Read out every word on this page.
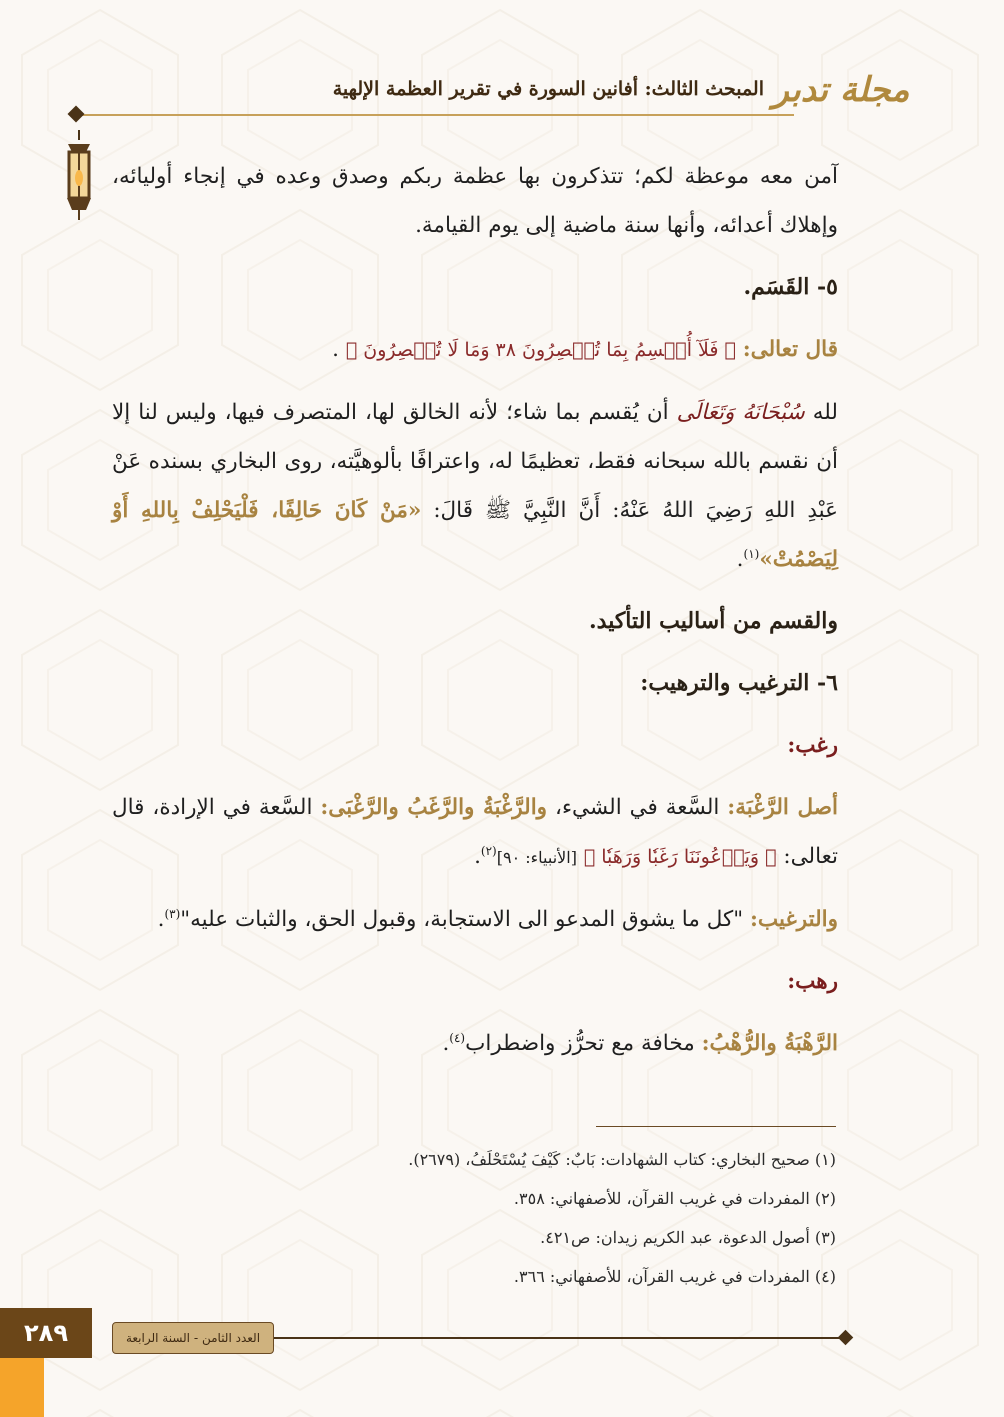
مجلة تدبر
المبحث الثالث: أفانين السورة في تقرير العظمة الإلهية

آمن معه موعظة لكم؛ تتذكرون بها عظمة ربكم وصدق وعده في إنجاء أوليائه، وإهلاك أعدائه، وأنها سنة ماضية إلى يوم القيامة.

٥- القَسَم.

قال تعالى: ﴿ فَلَآ أُقۡسِمُ بِمَا تُبۡصِرُونَ ٣٨ وَمَا لَا تُبۡصِرُونَ ﴾ .

لله سُبْحَانَهُ وَتَعَالَى أن يُقسم بما شاء؛ لأنه الخالق لها، المتصرف فيها، وليس لنا إلا أن نقسم بالله سبحانه فقط، تعظيمًا له، واعترافًا بألوهيَّته، روى البخاري بسنده عَنْ عَبْدِ اللهِ رَضِيَ اللهُ عَنْهُ: أَنَّ النَّبِيَّ ﷺ قَالَ: «مَنْ كَانَ حَالِفًا، فَلْيَحْلِفْ بِاللهِ أَوْ لِيَصْمُتْ»$^{(١)}$.

والقسم من أساليب التأكيد.

٦- الترغيب والترهيب:

رغب:

أصل الرَّغْبَة: السَّعة في الشيء، والرَّغْبَةُ والرَّغَبُ والرَّغْبَى: السَّعة في الإرادة، قال تعالى: ﴿ وَيَدۡعُونَنَا رَغَبٗا وَرَهَبٗا ﴾ [الأنبياء: ٩٠]$^{(٢)}$.

والترغيب: "كل ما يشوق المدعو الى الاستجابة، وقبول الحق، والثبات عليه"$^{(٣)}$.

رهب:

الرَّهْبَةُ والرُّهْبُ: مخافة مع تحرُّز واضطراب$^{(٤)}$.

(١) صحيح البخاري: كتاب الشهادات: بَابٌ: كَيْفَ يُسْتَحْلَفُ، (٢٦٧٩).
(٢) المفردات في غريب القرآن، للأصفهاني: ٣٥٨.
(٣) أصول الدعوة، عبد الكريم زيدان: ص٤٢١.
(٤) المفردات في غريب القرآن، للأصفهاني: ٣٦٦.
العدد الثامن - السنة الرابعة
٢٨٩
